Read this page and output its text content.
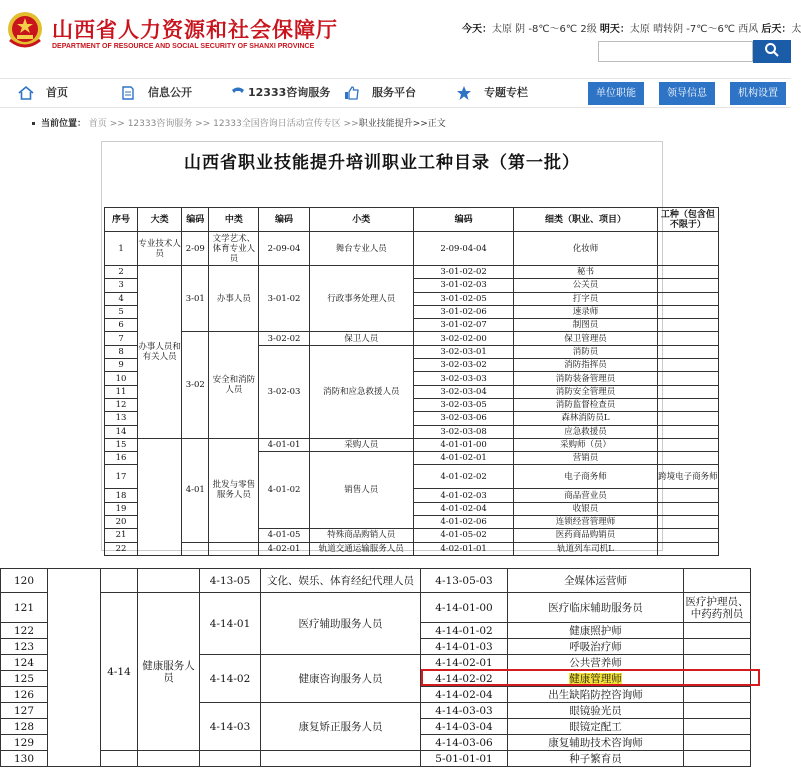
山西省人力资源和社会保障厅
DEPARTMENT OF RESOURCE AND SOCIAL SECURITY OF SHANXI PROVINCE
今天：太原 阴 -8℃～6℃ 2级 明天：太原 晴转阴 -7℃～6℃ 西风 后天：太
首页	信息公开	12333咨询服务	服务平台	专题专栏	单位职能	领导信息	机构设置
当前位置： 首页 >> 12333咨询服务 >> 12333全国咨询日活动宣传专区 >>职业技能提升>>正文
山西省职业技能提升培训职业工种目录（第一批）
序号	大类	编码	中类	编码	小类	编码	细类（职业、项目）	工种（包含但不限于）
1	专业技术人员	2-09	文学艺术、体育专业人员	2-09-04	舞台专业人员	2-09-04-04	化妆师	
2	办事人员和有关人员	3-01	办事人员	3-01-02	行政事务处理人员	3-01-02-02	秘书	
3						3-01-02-03	公关员	
4						3-01-02-05	打字员	
5						3-01-02-06	速录师	
6						3-01-02-07	制图员	
7		3-02	安全和消防人员	3-02-02	保卫人员	3-02-02-00	保卫管理员	
8				3-02-03	消防和应急救援人员	3-02-03-01	消防员	
9						3-02-03-02	消防指挥员	
10						3-02-03-03	消防装备管理员	
11						3-02-03-04	消防安全管理员	
12						3-02-03-05	消防监督检查员	
13						3-02-03-06	森林消防员L	
14						3-02-03-08	应急救援员	
15		4-01	批发与零售服务人员	4-01-01	采购人员	4-01-01-00	采购师（员）	
16				4-01-02	销售人员	4-01-02-01	营销员	
17						4-01-02-02	电子商务师	跨境电子商务师
18						4-01-02-03	商品营业员	
19						4-01-02-04	收银员	
20						4-01-02-06	连锁经营管理师	
21				4-01-05	特殊商品购销人员	4-01-05-02	医药商品购销员	
22				4-02-01	轨道交通运输服务人员	4-02-01-01	轨道列车司机L	
120				4-13-05	文化、娱乐、体育经纪代理人员	4-13-05-03	全媒体运营师		
121		4-14	健康服务人员	4-14-01	医疗辅助服务人员	4-14-01-00	医疗临床辅助服务员	医疗护理员、中药药剂员	
122						4-14-01-02	健康照护师		
123						4-14-01-03	呼吸治疗师		
124				4-14-02	健康咨询服务人员	4-14-02-01	公共营养师		
125						4-14-02-02	健康管理师		
126						4-14-02-04	出生缺陷防控咨询师		
127				4-14-03	康复矫正服务人员	4-14-03-03	眼镜验光员		
128						4-14-03-04	眼镜定配工		
129						4-14-03-06	康复辅助技术咨询师		
130						5-01-01-01	种子繁育员		
